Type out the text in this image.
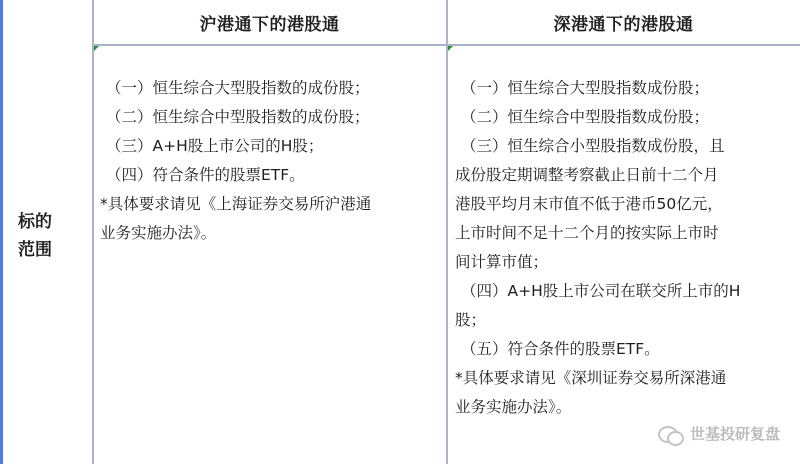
沪港通下的港股通	深港通下的港股通
标的
范围
（一）恒生综合大型股指数的成份股；
（二）恒生综合中型股指数的成份股；
（三）A+H股上市公司的H股；
（四）符合条件的股票ETF。
*具体要求请见《上海证券交易所沪港通
业务实施办法》。
（一）恒生综合大型股指数成份股；
（二）恒生综合中型股指数成份股；
（三）恒生综合小型股指数成份股，且
成份股定期调整考察截止日前十二个月
港股平均月末市值不低于港币50亿元，
上市时间不足十二个月的按实际上市时
间计算市值；
（四）A+H股上市公司在联交所上市的H
股；
（五）符合条件的股票ETF。
*具体要求请见《深圳证券交易所深港通
业务实施办法》。
世基投研复盘
